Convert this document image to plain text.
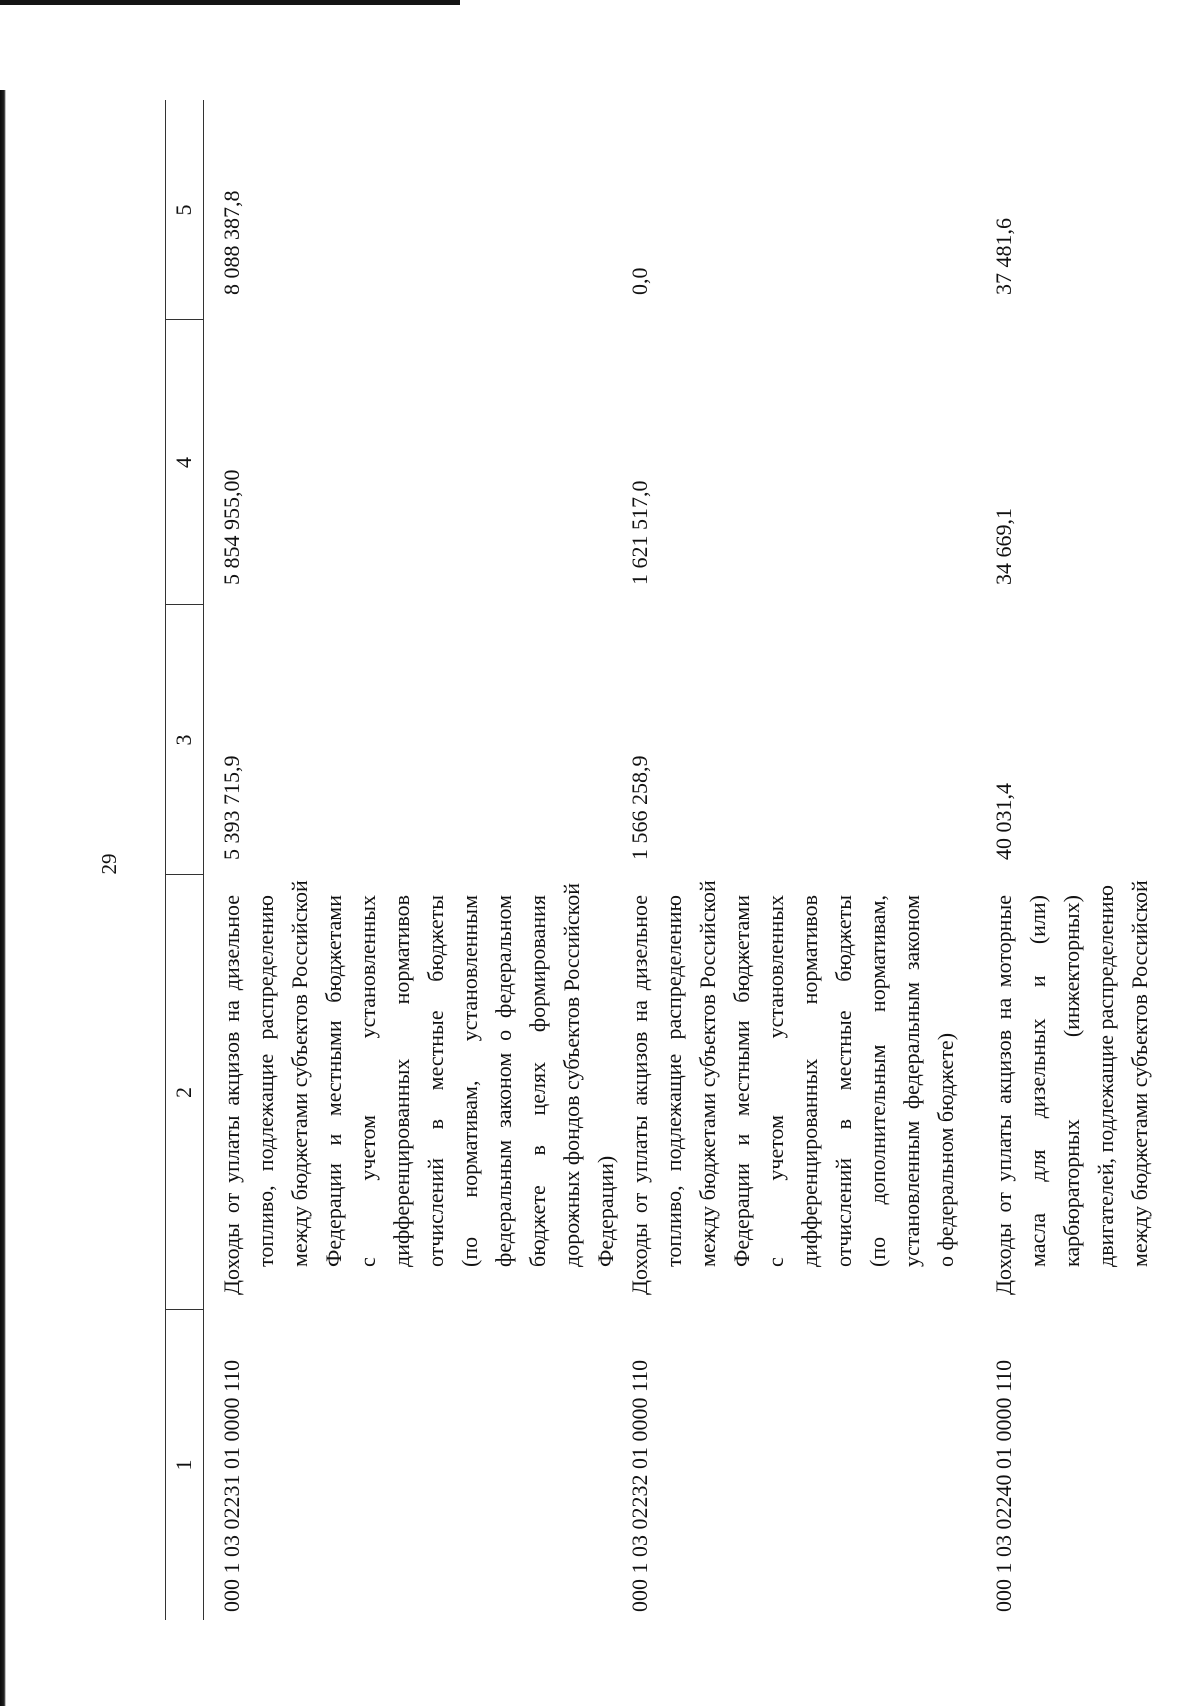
29
1
2
3
4
5
000 1 03 02231 01 0000 110
Доходы от уплаты акцизов на дизельное топливо, подлежащие распределению между бюджетами субъектов Российской Федерации и местными бюджетами с учетом установленных дифференцированных нормативов отчислений в местные бюджеты (по нормативам, установленным федеральным законом о федеральном бюджете в целях формирования дорожных фондов субъектов Российской Федерации)
5 393 715,9
5 854 955,00
8 088 387,8
000 1 03 02232 01 0000 110
Доходы от уплаты акцизов на дизельное топливо, подлежащие распределению между бюджетами субъектов Российской Федерации и местными бюджетами с учетом установленных дифференцированных нормативов отчислений в местные бюджеты (по дополнительным нормативам, установленным федеральным законом о федеральном бюджете)
1 566 258,9
1 621 517,0
0,0
000 1 03 02240 01 0000 110
Доходы от уплаты акцизов на моторные масла для дизельных и (или) карбюраторных (инжекторных) двигателей, подлежащие распределению между бюджетами субъектов Российской
40 031,4
34 669,1
37 481,6
